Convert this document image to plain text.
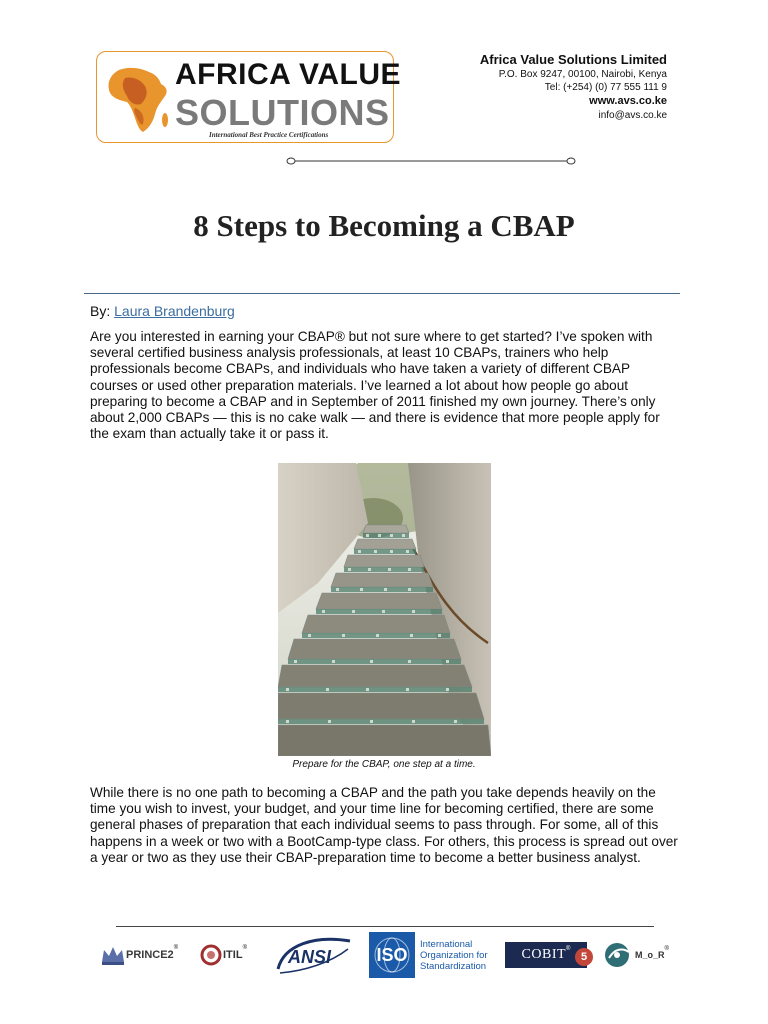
AFRICA VALUE
SOLUTIONS
International Best Practice Certifications
Africa Value Solutions Limited
P.O. Box 9247, 00100, Nairobi, Kenya
Tel: (+254) (0) 77 555 111 9
www.avs.co.ke
info@avs.co.ke
8 Steps to Becoming a CBAP
By: Laura Brandenburg
Are you interested in earning your CBAP® but not sure where to get started? I’ve spoken with several certified business analysis professionals, at least 10 CBAPs, trainers who help professionals become CBAPs, and individuals who have taken a variety of different CBAP courses or used other preparation materials. I’ve learned a lot about how people go about preparing to become a CBAP and in September of 2011 finished my own journey. There’s only about 2,000 CBAPs — this is no cake walk — and there is evidence that more people apply for the exam than actually take it or pass it.
Prepare for the CBAP, one step at a time.
While there is no one path to becoming a CBAP and the path you take depends heavily on the time you wish to invest, your budget, and your time line for becoming certified, there are some general phases of preparation that each individual seems to pass through. For some, all of this happens in a week or two with a BootCamp-type class. For others, this process is spread out over a year or two as they use their CBAP-preparation time to become a better business analyst.
PRINCE2
®
ITIL
® ANSI	ISO
International
Organization for
Standardization
COBIT ®
5	M_o_R
®
